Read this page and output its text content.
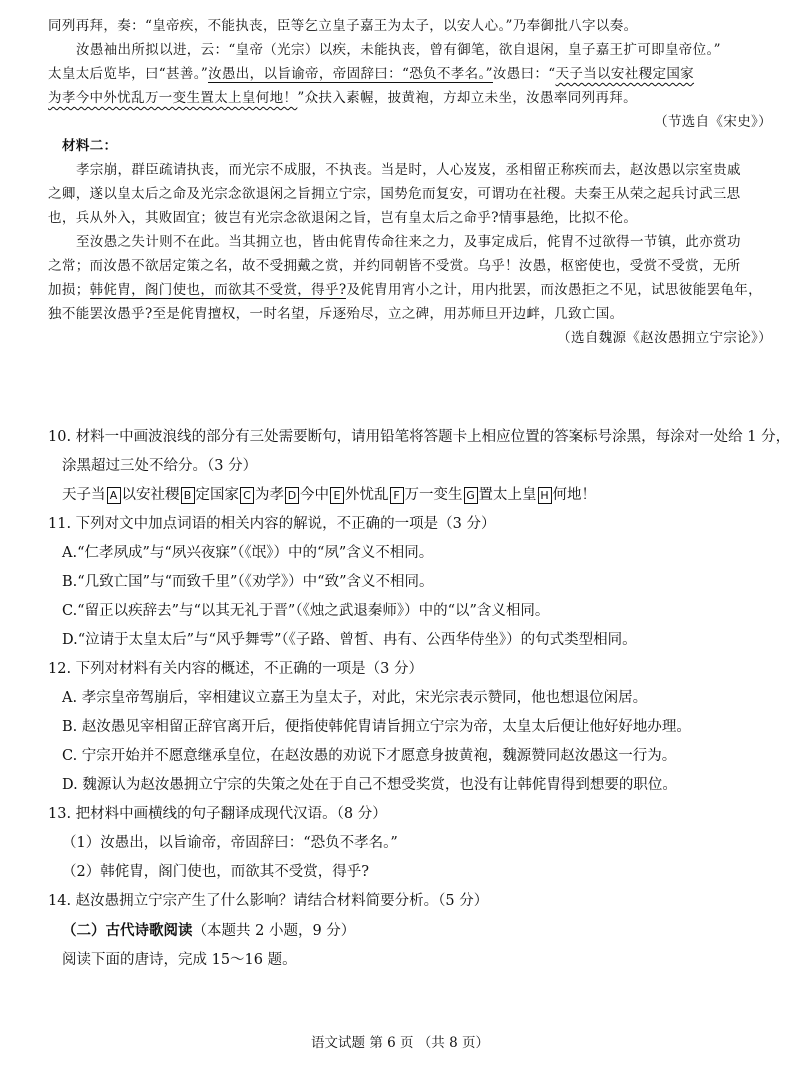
同列再拜，奏：“皇帝疾，不能执丧，臣等乞立皇子嘉王为太子，以安人心。”乃奉御批八字以奏。

汝愚袖出所拟以进，云：“皇帝（光宗）以疾，未能执丧，曾有御笔，欲自退闲，皇子嘉王扩可即皇帝位。”

太皇太后览毕，曰“甚善。”汝愚出，以旨谕帝，帝固辞曰：“恐负不孝名。”汝愚曰：“天子当以安社稷定国家

为孝今中外忧乱万一变生置太上皇何地！”众扶入素幄，披黄袍，方却立未坐，汝愚率同列再拜。

（节选自《宋史》）

材料二：

孝宗崩，群臣疏请执丧，而光宗不成服，不执丧。当是时，人心岌岌，丞相留正称疾而去，赵汝愚以宗室贵戚

之卿，遂以皇太后之命及光宗念欲退闲之旨拥立宁宗，国势危而复安，可谓功在社稷。夫秦王从荣之起兵讨武三思

也，兵从外入，其败固宜；彼岂有光宗念欲退闲之旨，岂有皇太后之命乎?情事悬绝，比拟不伦。

至汝愚之失计则不在此。当其拥立也，皆由侂胄传命往来之力，及事定成后，侂胄不过欲得一节镇，此亦赏功

之常；而汝愚不欲居定策之名，故不受拥戴之赏，并约同朝皆不受赏。乌乎！汝愚，枢密使也，受赏不受赏，无所

加损；韩侂胄，阁门使也，而欲其不受赏，得乎?及侂胄用宵小之计，用内批罢，而汝愚拒之不见，试思彼能罢龟年，

独不能罢汝愚乎?至是侂胄擅权，一时名望，斥逐殆尽，立之碑，用苏师旦开边衅，几致亡国。

（选自魏源《赵汝愚拥立宁宗论》）

10. 材料一中画波浪线的部分有三处需要断句，请用铅笔将答题卡上相应位置的答案标号涂黑，每涂对一处给 1 分，

涂黑超过三处不给分。（3 分）

天子当 A 以安社稷 B 定国家 C 为孝 D 今中 E 外忧乱 F 万一变生 G 置太上皇 H 何地！

11. 下列对文中加点词语的相关内容的解说，不正确的一项是（3 分）

A.“仁孝夙成”与“夙兴夜寐”（《氓》）中的“夙”含义不相同。

B.“几致亡国”与“而致千里”（《劝学》）中“致”含义不相同。

C.“留正以疾辞去”与“以其无礼于晋”（《烛之武退秦师》）中的“以”含义相同。

D.“泣请于太皇太后”与“风乎舞雩”（《子路、曾皙、冉有、公西华侍坐》）的句式类型相同。

12. 下列对材料有关内容的概述，不正确的一项是（3 分）

A. 孝宗皇帝驾崩后，宰相建议立嘉王为皇太子，对此，宋光宗表示赞同，他也想退位闲居。

B. 赵汝愚见宰相留正辞官离开后，便指使韩侂胄请旨拥立宁宗为帝，太皇太后便让他好好地办理。

C. 宁宗开始并不愿意继承皇位，在赵汝愚的劝说下才愿意身披黄袍，魏源赞同赵汝愚这一行为。

D. 魏源认为赵汝愚拥立宁宗的失策之处在于自己不想受奖赏，也没有让韩侂胄得到想要的职位。

13. 把材料中画横线的句子翻译成现代汉语。（8 分）

（1）汝愚出，以旨谕帝，帝固辞曰：“恐负不孝名。”

（2）韩侂胄，阁门使也，而欲其不受赏，得乎?

14. 赵汝愚拥立宁宗产生了什么影响？请结合材料简要分析。（5 分）

（二）古代诗歌阅读（本题共 2 小题，9 分）

阅读下面的唐诗，完成 15～16 题。

语文试题 第 6 页 （共 8 页）
